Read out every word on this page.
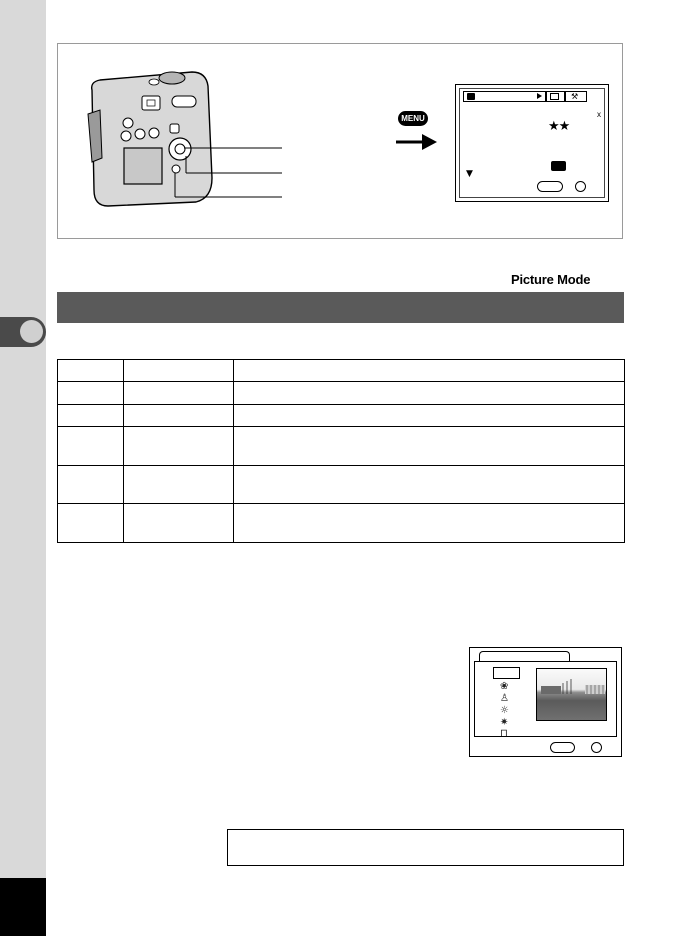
MENU
⚒
x
★★
▼
Picture Mode

❀
♙
☼
✷
⊓
